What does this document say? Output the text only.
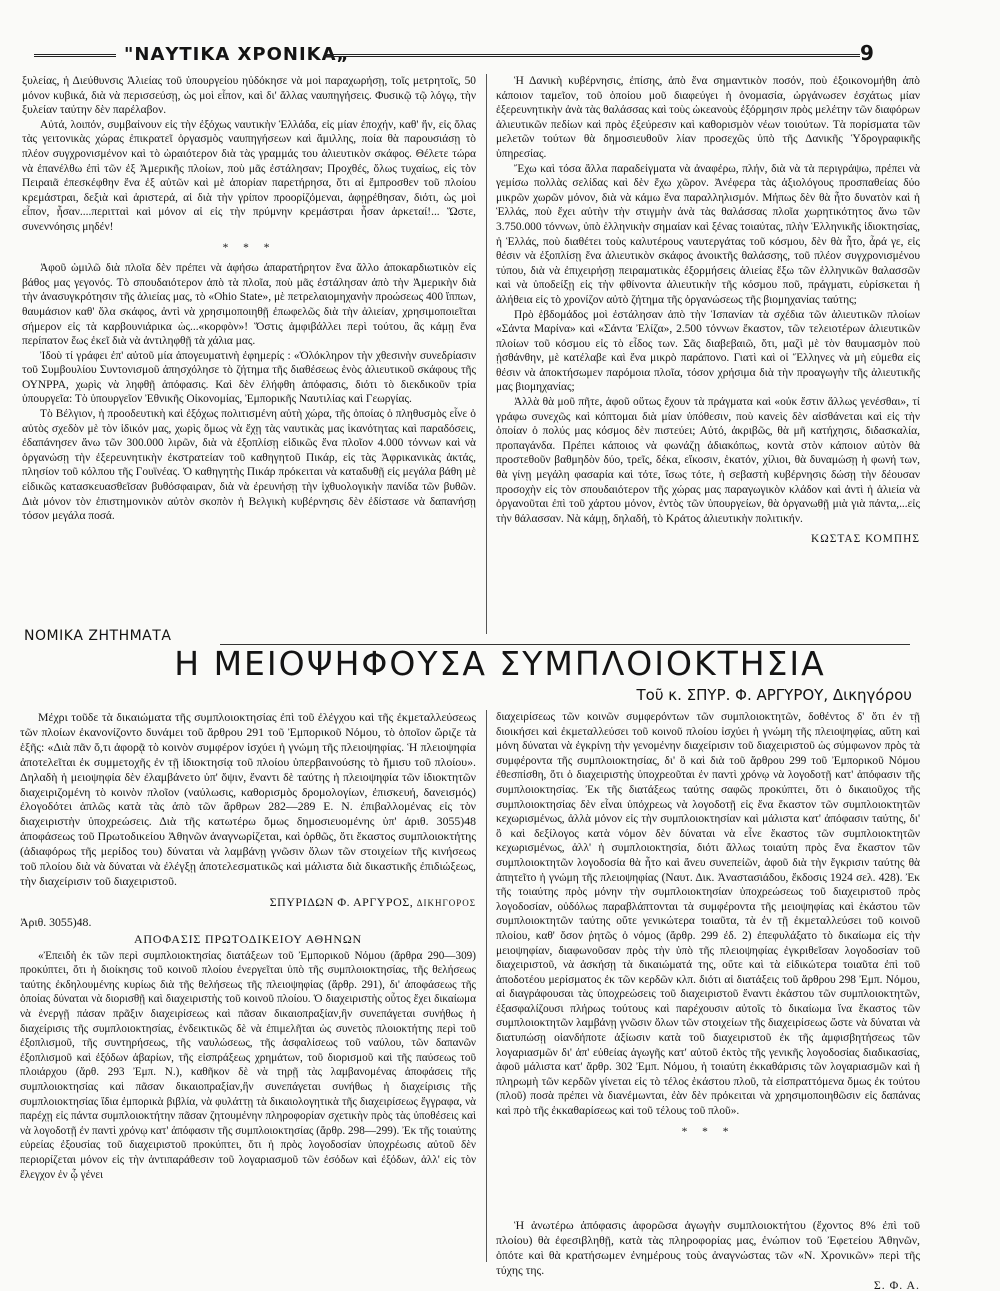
"ΝΑΥΤΙΚΑ ΧΡΟΝΙΚΑ„	9

ξυλείας, ἡ Διεύθυνσις Ἁλιείας τοῦ ὑπουργείου ηὐδόκησε νὰ μοὶ παραχωρήσῃ, τοῖς μετρητοῖς, 50 μόνον κυβικά, διὰ νὰ περισσεύσῃ, ὡς μοὶ εἶπον, καὶ δι' ἄλλας ναυπηγήσεις. Φυσικῷ τῷ λόγῳ, τὴν ξυλείαν ταύτην δὲν παρέλαβον.

Αὐτά, λοιπόν, συμβαίνουν εἰς τὴν ἐξόχως ναυτικὴν Ἑλλάδα, εἰς μίαν ἐποχήν, καθ' ἥν, εἰς ὅλας τὰς γειτονικὰς χώρας ἐπικρατεῖ ὀργασμὸς ναυπηγήσεων καὶ ἅμιλλης, ποία θὰ παρουσιάσῃ τὸ πλέον συγχρονισμένον καὶ τὸ ὡραιότερον διὰ τὰς γραμμάς του ἁλιευτικὸν σκάφος. Θέλετε τώρα νὰ ἐπανέλθω ἐπὶ τῶν ἐξ Ἀμερικῆς πλοίων, ποὺ μᾶς ἐστάλησαν; Προχθές, ὅλως τυχαίως, εἰς τὸν Πειραιᾶ ἐπεσκέφθην ἕνα ἐξ αὐτῶν καὶ μὲ ἀπορίαν παρετήρησα, ὅτι αἱ ἔμπροσθεν τοῦ πλοίου κρεμάστραι, δεξιὰ καὶ ἀριστερά, αἱ διὰ τὴν γρίπον προορίζόμεναι, ἀφῃρέθησαν, διότι, ὡς μοὶ εἶπον, ἦσαν....περιτταὶ καὶ μόνον αἱ εἰς τὴν πρύμνην κρεμάστραι ἦσαν ἀρκεταί!... Ὥστε, συνεννόησις μηδέν!

* * *

Ἀφοῦ ὡμιλῶ διὰ πλοῖα δὲν πρέπει νὰ ἀφήσω ἀπαρατήρητον ἕνα ἄλλο ἀποκαρδιωτικὸν εἰς βάθος μας γεγονός. Τὸ σπουδαιότερον ἀπὸ τὰ πλοῖα, ποὺ μᾶς ἐστάλησαν ἀπὸ τὴν Ἀμερικὴν διὰ τὴν ἀνασυγκρότησιν τῆς ἁλιείας μας, τὸ «Ohio State», μὲ πετρελαιομηχανὴν προώσεως 400 ἵππων, θαυμάσιον καθ' ὅλα σκάφος, ἀντὶ νὰ χρησιμοποιηθῇ ἐπωφελῶς διὰ τὴν ἁλιείαν, χρησιμοποιεῖται σήμερον εἰς τὰ καρβουνιάρικα ὡς...«κορφὸν»! Ὅστις ἀμφιβάλλει περὶ τούτου, ἂς κάμῃ ἕνα περίπατον ἕως ἐκεῖ διὰ νὰ ἀντιληφθῇ τὰ χάλια μας.

Ἰδοὺ τί γράφει ἐπ' αὐτοῦ μία ἀπογευματινὴ ἐφημερίς : «Ὁλόκληρον τὴν χθεσινὴν συνεδρίασιν τοῦ Συμβουλίου Συντονισμοῦ ἀπησχόλησε τὸ ζήτημα τῆς διαθέσεως ἑνὸς ἁλιευτικοῦ σκάφους τῆς ΟΥΝΡΡΑ, χωρὶς νὰ ληφθῇ ἀπόφασις. Καὶ δὲν ἐλήφθη ἀπόφασις, διότι τὸ διεκδικοῦν τρία ὑπουργεῖα: Τὸ ὑπουργεῖον Ἐθνικῆς Οἰκονομίας, Ἐμπορικῆς Ναυτιλίας καὶ Γεωργίας.

Τὸ Βέλγιον, ἡ προοδευτικὴ καὶ ἐξόχως πολιτισμένη αὐτὴ χώρα, τῆς ὁποίας ὁ πληθυσμὸς εἶνε ὁ αὐτὸς σχεδὸν μὲ τὸν ἰδικόν μας, χωρὶς ὅμως νὰ ἔχῃ τὰς ναυτικὰς μας ἱκανότητας καὶ παραδόσεις, ἐδαπάνησεν ἄνω τῶν 300.000 λιρῶν, διὰ νὰ ἐξοπλίσῃ εἰδικῶς ἕνα πλοῖον 4.000 τόννων καὶ νὰ ὀργανώσῃ τὴν ἐξερευνητικὴν ἐκστρατείαν τοῦ καθηγητοῦ Πικάρ, εἰς τὰς Ἀφρικανικὰς ἀκτάς, πλησίον τοῦ κόλπου τῆς Γουϊνέας. Ὁ καθηγητὴς Πικάρ πρόκειται νὰ καταδυθῇ εἰς μεγάλα βάθη μὲ εἰδικῶς κατασκευασθεῖσαν βυθόσφαιραν, διὰ νὰ ἐρευνήσῃ τὴν ἰχθυολογικὴν πανίδα τῶν βυθῶν. Διὰ μόνον τὸν ἐπιστημονικὸν αὐτὸν σκοπὸν ἡ Βελγικὴ κυβέρνησις δὲν ἐδίστασε νὰ δαπανήσῃ τόσον μεγάλα ποσά.

Ἡ Δανικὴ κυβέρνησις, ἐπίσης, ἀπὸ ἕνα σημαντικὸν ποσόν, ποὺ ἐξοικονομήθη ἀπὸ κάποιον ταμεῖον, τοῦ ὁποίου μοῦ διαφεύγει ἡ ὀνομασία, ὠργάνωσεν ἐσχάτως μίαν ἐξερευνητικὴν ἀνὰ τὰς θαλάσσας καὶ τοὺς ὠκεανοὺς ἐξόρμησιν πρὸς μελέτην τῶν διαφόρων ἁλιευτικῶν πεδίων καὶ πρὸς ἐξεύρεσιν καὶ καθορισμὸν νέων τοιούτων. Τὰ πορίσματα τῶν μελετῶν τούτων θὰ δημοσιευθοῦν λίαν προσεχῶς ὑπὸ τῆς Δανικῆς Ὑδρογραφικῆς ὑπηρεσίας.

Ἔχω καὶ τόσα ἄλλα παραδείγματα νὰ ἀναφέρω, πλήν, διὰ νὰ τὰ περιγράψω, πρέπει νὰ γεμίσω πολλὰς σελίδας καὶ δὲν ἔχω χῶρον. Ἀνέφερα τὰς ἀξιολόγους προσπαθείας δύο μικρῶν χωρῶν μόνον, διὰ νὰ κάμω ἕνα παραλληλισμόν. Μήπως δὲν θὰ ἦτο δυνατὸν καὶ ἡ Ἑλλάς, ποὺ ἔχει αὐτὴν τὴν στιγμὴν ἀνὰ τὰς θαλάσσας πλοῖα χωρητικότητος ἄνω τῶν 3.750.000 τόννων, ὑπὸ ἑλληνικὴν σημαίαν καὶ ξένας τοιαύτας, πλὴν Ἑλληνικῆς ἰδιοκτησίας, ἡ Ἑλλάς, ποὺ διαθέτει τοὺς καλυτέρους ναυτεργάτας τοῦ κόσμου, δὲν θὰ ἦτο, ἆρά γε, εἰς θέσιν νὰ ἐξοπλίσῃ ἕνα ἁλιευτικὸν σκάφος ἀνοικτῆς θαλάσσης, τοῦ πλέον συγχρονισμένου τύπου, διὰ νὰ ἐπιχειρήσῃ πειραματικὰς ἐξορμήσεις ἁλιείας ἔξω τῶν ἑλληνικῶν θαλασσῶν καὶ νὰ ὑποδείξῃ εἰς τὴν φθίνοντα ἁλιευτικὴν τῆς κόσμου ποῦ, πράγματι, εὑρίσκεται ἡ ἀλήθεια εἰς τὸ χρονίζον αὐτὸ ζήτημα τῆς ὀργανώσεως τῆς βιομηχανίας ταύτης;

Πρὸ ἑβδομάδος μοὶ ἐστάλησαν ἀπὸ τὴν Ἱσπανίαν τὰ σχέδια τῶν ἁλιευτικῶν πλοίων «Σάντα Μαρίνα» καὶ «Σάντα Ἐλίζα», 2.500 τόννων ἕκαστον, τῶν τελειοτέρων ἁλιευτικῶν πλοίων τοῦ κόσμου εἰς τὸ εἶδος των. Σᾶς διαβεβαιῶ, ὅτι, μαζὶ μὲ τὸν θαυμασμὸν ποὺ ᾐσθάνθην, μὲ κατέλαβε καὶ ἕνα μικρὸ παράπονο. Γιατὶ καὶ οἱ Ἕλληνες νὰ μὴ εὑμεθα εἰς θέσιν νὰ ἀποκτήσωμεν παρόμοια πλοῖα, τόσον χρήσιμα διὰ τὴν προαγωγὴν τῆς ἁλιευτικῆς μας βιομηχανίας;

Ἀλλὰ θὰ μοῦ πῆτε, ἀφοῦ οὕτως ἔχουν τὰ πράγματα καὶ «οὐκ ἔστιν ἄλλως γενέσθαι», τί γράφω συνεχῶς καὶ κόπτομαι διὰ μίαν ὑπόθεσιν, ποὺ κανεὶς δὲν αἰσθάνεται καὶ εἰς τὴν ὁποίαν ὁ πολύς μας κόσμος δὲν πιστεύει; Αὐτό, ἀκριβῶς, θὰ μῆ κατήχησις, διδασκαλία, προπαγάνδα. Πρέπει κάποιος νὰ φωνάζῃ ἀδιακόπως, κοντὰ στὸν κάποιον αὐτὸν θὰ προστεθοῦν βαθμηδὸν δύο, τρεῖς, δέκα, εἴκοσιν, ἑκατόν, χίλιοι, θὰ δυναμώσῃ ἡ φωνή των, θὰ γίνῃ μεγάλη φασαρία καὶ τότε, ἴσως τότε, ἡ σεβαστὴ κυβέρνησις δώσῃ τὴν δέουσαν προσοχὴν εἰς τὸν σπουδαιότερον τῆς χώρας μας παραγωγικὸν κλάδον καὶ ἀντὶ ἡ ἁλιεία νὰ ὀργανοῦται ἐπὶ τοῦ χάρτου μόνον, ἐντὸς τῶν ὑπουργείων, θὰ ὀργανωθῇ μιὰ γιὰ πάντα,...εἰς τὴν θάλασσαν. Νὰ κάμῃ, δηλαδή, τὸ Κράτος ἁλιευτικὴν πολιτικήν.

ΚΩΣΤΑΣ ΚΟΜΠΗΣ

ΝΟΜΙΚΑ ΖΗΤΗΜΑΤΑ
Η ΜΕΙΟΨΗΦΟΥΣΑ ΣΥΜΠΛΟΙΟΚΤΗΣΙΑ
Τοῦ κ. ΣΠΥΡ. Φ. ΑΡΓΥΡΟΥ, Δικηγόρου

Μέχρι τοῦδε τὰ δικαιώματα τῆς συμπλοιοκτησίας ἐπὶ τοῦ ἐλέγχου καὶ τῆς ἐκμεταλλεύσεως τῶν πλοίων ἐκανονίζοντο δυνάμει τοῦ ἄρθρου 291 τοῦ Ἐμπορικοῦ Νόμου, τὸ ὁποῖον ὥριζε τὰ ἑξῆς: «Διὰ πᾶν ὅ,τι ἀφορᾷ τὸ κοινὸν συμφέρον ἰσχύει ἡ γνώμη τῆς πλειοψηφίας. Ἡ πλειοψηφία ἀποτελεῖται ἐκ συμμετοχῆς ἐν τῇ ἰδιοκτησίᾳ τοῦ πλοίου ὑπερβαινούσης τὸ ἥμισυ τοῦ πλοίου». Δηλαδὴ ἡ μειοψηφία δὲν ἐλαμβάνετο ὑπ' ὄψιν, ἔναντι δὲ ταύτης ἡ πλειοψηφία τῶν ἰδιοκτητῶν διαχειριζομένη τὸ κοινὸν πλοῖον (ναύλωσις, καθορισμὸς δρομολογίων, ἐπισκευή, δανεισμός) ἐλογοδότει ἁπλῶς κατὰ τὰς ἀπὸ τῶν ἄρθρων 282—289 Ε. Ν. ἐπιβαλλομένας εἰς τὸν διαχειριστὴν ὑποχρεώσεις. Διὰ τῆς κατωτέρω ὅμως δημοσιευομένης ὑπ' ἀριθ. 3055)48 ἀποφάσεως τοῦ Πρωτοδικείου Ἀθηνῶν ἀναγνωρίζεται, καὶ ὀρθῶς, ὅτι ἕκαστος συμπλοιοκτήτης (ἀδιαφόρως τῆς μερίδος του) δύναται νὰ λαμβάνῃ γνῶσιν ὅλων τῶν στοιχείων τῆς κινήσεως τοῦ πλοίου διὰ νὰ δύναται νὰ ἐλέγξῃ ἀποτελεσματικῶς καὶ μάλιστα διὰ δικαστικῆς ἐπιδιώξεως, τὴν διαχείρισιν τοῦ διαχειριστοῦ.

ΣΠΥΡΙΔΩΝ Φ. ΑΡΓΥΡΟΣ, ΔΙΚΗΓΟΡΟΣ

Ἀριθ. 3055)48.

ΑΠΟΦΑΣΙΣ ΠΡΩΤΟΔΙΚΕΙΟΥ ΑΘΗΝΩΝ

«Ἐπειδὴ ἐκ τῶν περὶ συμπλοιοκτησίας διατάξεων τοῦ Ἐμπορικοῦ Νόμου (ἄρθρα 290—309) προκύπτει, ὅτι ἡ διοίκησις τοῦ κοινοῦ πλοίου ἐνεργεῖται ὑπὸ τῆς συμπλοιοκτησίας, τῆς θελήσεως ταύτης ἐκδηλουμένης κυρίως διὰ τῆς θελήσεως τῆς πλειοψηφίας (ἄρθρ. 291), δι' ἀποφάσεως τῆς ὁποίας δύναται νὰ διορισθῇ καὶ διαχειριστὴς τοῦ κοινοῦ πλοίου. Ὁ διαχειριστὴς οὗτος ἔχει δικαίωμα νὰ ἐνεργῇ πάσαν πρᾶξιν διαχειρίσεως καὶ πᾶσαν δικαιοπραξίαν,ἣν συνεπάγεται συνήθως ἡ διαχείρισις τῆς συμπλοιοκτησίας, ἐνδεικτικῶς δὲ νὰ ἐπιμελῆται ὡς συνετὸς πλοιοκτήτης περὶ τοῦ ἐξοπλισμοῦ, τῆς συντηρήσεως, τῆς ναυλώσεως, τῆς ἀσφαλίσεως τοῦ ναύλου, τῶν δαπανῶν ἐξοπλισμοῦ καὶ ἐξόδων ἀβαρίων, τῆς εἰσπράξεως χρημάτων, τοῦ διορισμοῦ καὶ τῆς παύσεως τοῦ πλοιάρχου (ἄρθ. 293 Ἐμπ. Ν.), καθῆκον δὲ νὰ τηρῇ τὰς λαμβανομένας ἀποφάσεις τῆς συμπλοιοκτησίας καὶ πᾶσαν δικαιοπραξίαν,ἣν συνεπάγεται συνήθως ἡ διαχείρισις τῆς συμπλοιοκτησίας ἴδια ἐμπορικὰ βιβλία, νὰ φυλάττῃ τὰ δικαιολογητικὰ τῆς διαχειρίσεως ἔγγραφα, νὰ παρέχῃ εἰς πάντα συμπλοιοκτήτην πᾶσαν ζητουμένην πληροφορίαν σχετικὴν πρὸς τὰς ὑποθέσεις καὶ νὰ λογοδοτῇ ἐν παντὶ χρόνῳ κατ' ἀπόφασιν τῆς συμπλοιοκτησίας (ἄρθρ. 298—299). Ἐκ τῆς τοιαύτης εὐρείας ἐξουσίας τοῦ διαχειριστοῦ προκύπτει, ὅτι ἡ πρὸς λογοδοσίαν ὑποχρέωσις αὐτοῦ δὲν περιορίζεται μόνον εἰς τὴν ἀντιπαράθεσιν τοῦ λογαριασμοῦ τῶν ἐσόδων καὶ ἐξόδων, ἀλλ' εἰς τὸν ἔλεγχον ἐν ᾧ γένει

διαχειρίσεως τῶν κοινῶν συμφερόντων τῶν συμπλοιοκτητῶν, δοθέντος δ' ὅτι ἐν τῇ διοικήσει καὶ ἐκμεταλλεύσει τοῦ κοινοῦ πλοίου ἰσχύει ἡ γνώμη τῆς πλειοψηφίας, αὕτη καὶ μόνη δύναται νὰ ἐγκρίνῃ τὴν γενομένην διαχείρισιν τοῦ διαχειριστοῦ ὡς σύμφωνον πρὸς τὰ συμφέροντα τῆς συμπλοιοκτησίας, δι' ὃ καὶ διὰ τοῦ ἄρθρου 299 τοῦ Ἐμπορικοῦ Νόμου ἐθεσπίσθη, ὅτι ὁ διαχειριστὴς ὑποχρεοῦται ἐν παντὶ χρόνῳ νὰ λογοδοτῇ κατ' ἀπόφασιν τῆς συμπλοιοκτησίας. Ἐκ τῆς διατάξεως ταύτης σαφῶς προκύπτει, ὅτι ὁ δικαιοῦχος τῆς συμπλοιοκτησίας δὲν εἶναι ὑπόχρεως νὰ λογοδοτῇ εἰς ἕνα ἕκαστον τῶν συμπλοιοκτητῶν κεχωρισμένως, ἀλλὰ μόνον εἰς τὴν συμπλοιοκτησίαν καὶ μάλιστα κατ' ἀπόφασιν ταύτης, δι' ὃ καὶ δεξίλογος κατὰ νόμον δὲν δύναται νὰ εἶνε ἕκαστος τῶν συμπλοιοκτητῶν κεχωρισμένως, ἀλλ' ἡ συμπλοιοκτησία, διότι ἄλλως τοιαύτη πρὸς ἕνα ἕκαστον τῶν συμπλοιοκτητῶν λογοδοσία θὰ ἦτο καὶ ἄνευ συνεπείῶν, ἀφοῦ διὰ τὴν ἔγκρισιν ταύτης θὰ ἀπητεῖτο ἡ γνώμη τῆς πλειοψηφίας (Ναυτ. Δικ. Ἀναστασιάδου, ἔκδοσις 1924 σελ. 428). Ἐκ τῆς τοιαύτης πρὸς μόνην τὴν συμπλοιοκτησίαν ὑποχρεώσεως τοῦ διαχειριστοῦ πρὸς λογοδοσίαν, οὐδόλως παραβλάπτονται τὰ συμφέροντα τῆς μειοψηφίας καὶ ἑκάστου τῶν συμπλοιοκτητῶν ταύτης οὔτε γενικώτερα τοιαῦτα, τὰ ἐν τῇ ἐκμεταλλεύσει τοῦ κοινοῦ πλοίου, καθ' ὅσον ῥητῶς ὁ νόμος (ἄρθρ. 299 ἐδ. 2) ἐπεφυλάξατο τὸ δικαίωμα εἰς τὴν μειοψηφίαν, διαφωνοῦσαν πρὸς τὴν ὑπὸ τῆς πλειοψηφίας ἐγκριθεῖσαν λογοδοσίαν τοῦ διαχειριστοῦ, νὰ ἀσκήσῃ τὰ δικαιώματά της, οὔτε καὶ τὰ εἰδικώτερα τοιαῦτα ἐπὶ τοῦ ἀποδοτέου μερίσματος ἐκ τῶν κερδῶν κλπ. διότι αἱ διατάξεις τοῦ ἄρθρου 298 Ἐμπ. Νόμου, αἱ διαγράφουσαι τὰς ὑποχρεώσεις τοῦ διαχειριστοῦ ἔναντι ἑκάστου τῶν συμπλοιοκτητῶν, ἐξασφαλίζουσι πλήρως τούτους καὶ παρέχουσιν αὐτοῖς τὸ δικαίωμα ἵνα ἕκαστος τῶν συμπλοιοκτητῶν λαμβάνῃ γνῶσιν ὅλων τῶν στοιχείων τῆς διαχειρίσεως ὥστε νὰ δύναται νὰ διατυπώσῃ οἰανδήποτε ἀξίωσιν κατὰ τοῦ διαχειριστοῦ ἐκ τῆς ἀμφισβητήσεως τῶν λογαριασμῶν δι' ἀπ' εὐθείας ἀγωγῆς κατ' αὐτοῦ ἐκτὸς τῆς γενικῆς λογοδοσίας διαδικασίας, ἀφοῦ μάλιστα κατ' ἄρθρ. 302 Ἐμπ. Νόμου, ἡ τοιαύτη ἐκκαθάρισις τῶν λογαριασμῶν καὶ ἡ πληρωμὴ τῶν κερδῶν γίνεται εἰς τὸ τέλος ἑκάστου πλοῦ, τὰ εἰσπραττόμενα ὅμως ἐκ τούτου (πλοῦ) ποσὰ πρέπει νὰ διανέμωνται, ἐὰν δὲν πρόκειται νὰ χρησιμοποιηθῶσιν εἰς δαπάνας καὶ πρὸ τῆς ἐκκαθαρίσεως καὶ τοῦ τέλους τοῦ πλοῦ».

* * *

Ἡ ἀνωτέρω ἀπόφασις ἀφορῶσα ἀγωγὴν συμπλοιοκτήτου (ἔχοντος 8% ἐπὶ τοῦ πλοίου) θὰ ἐφεσιβληθῇ, κατὰ τὰς πληροφορίας μας, ἐνώπιον τοῦ Ἐφετείου Ἀθηνῶν, ὁπότε καὶ θὰ κρατήσωμεν ἐνημέρους τοὺς ἀναγνώστας τῶν «Ν. Χρονικῶν» περὶ τῆς τύχης της.

Σ. Φ. Α.
